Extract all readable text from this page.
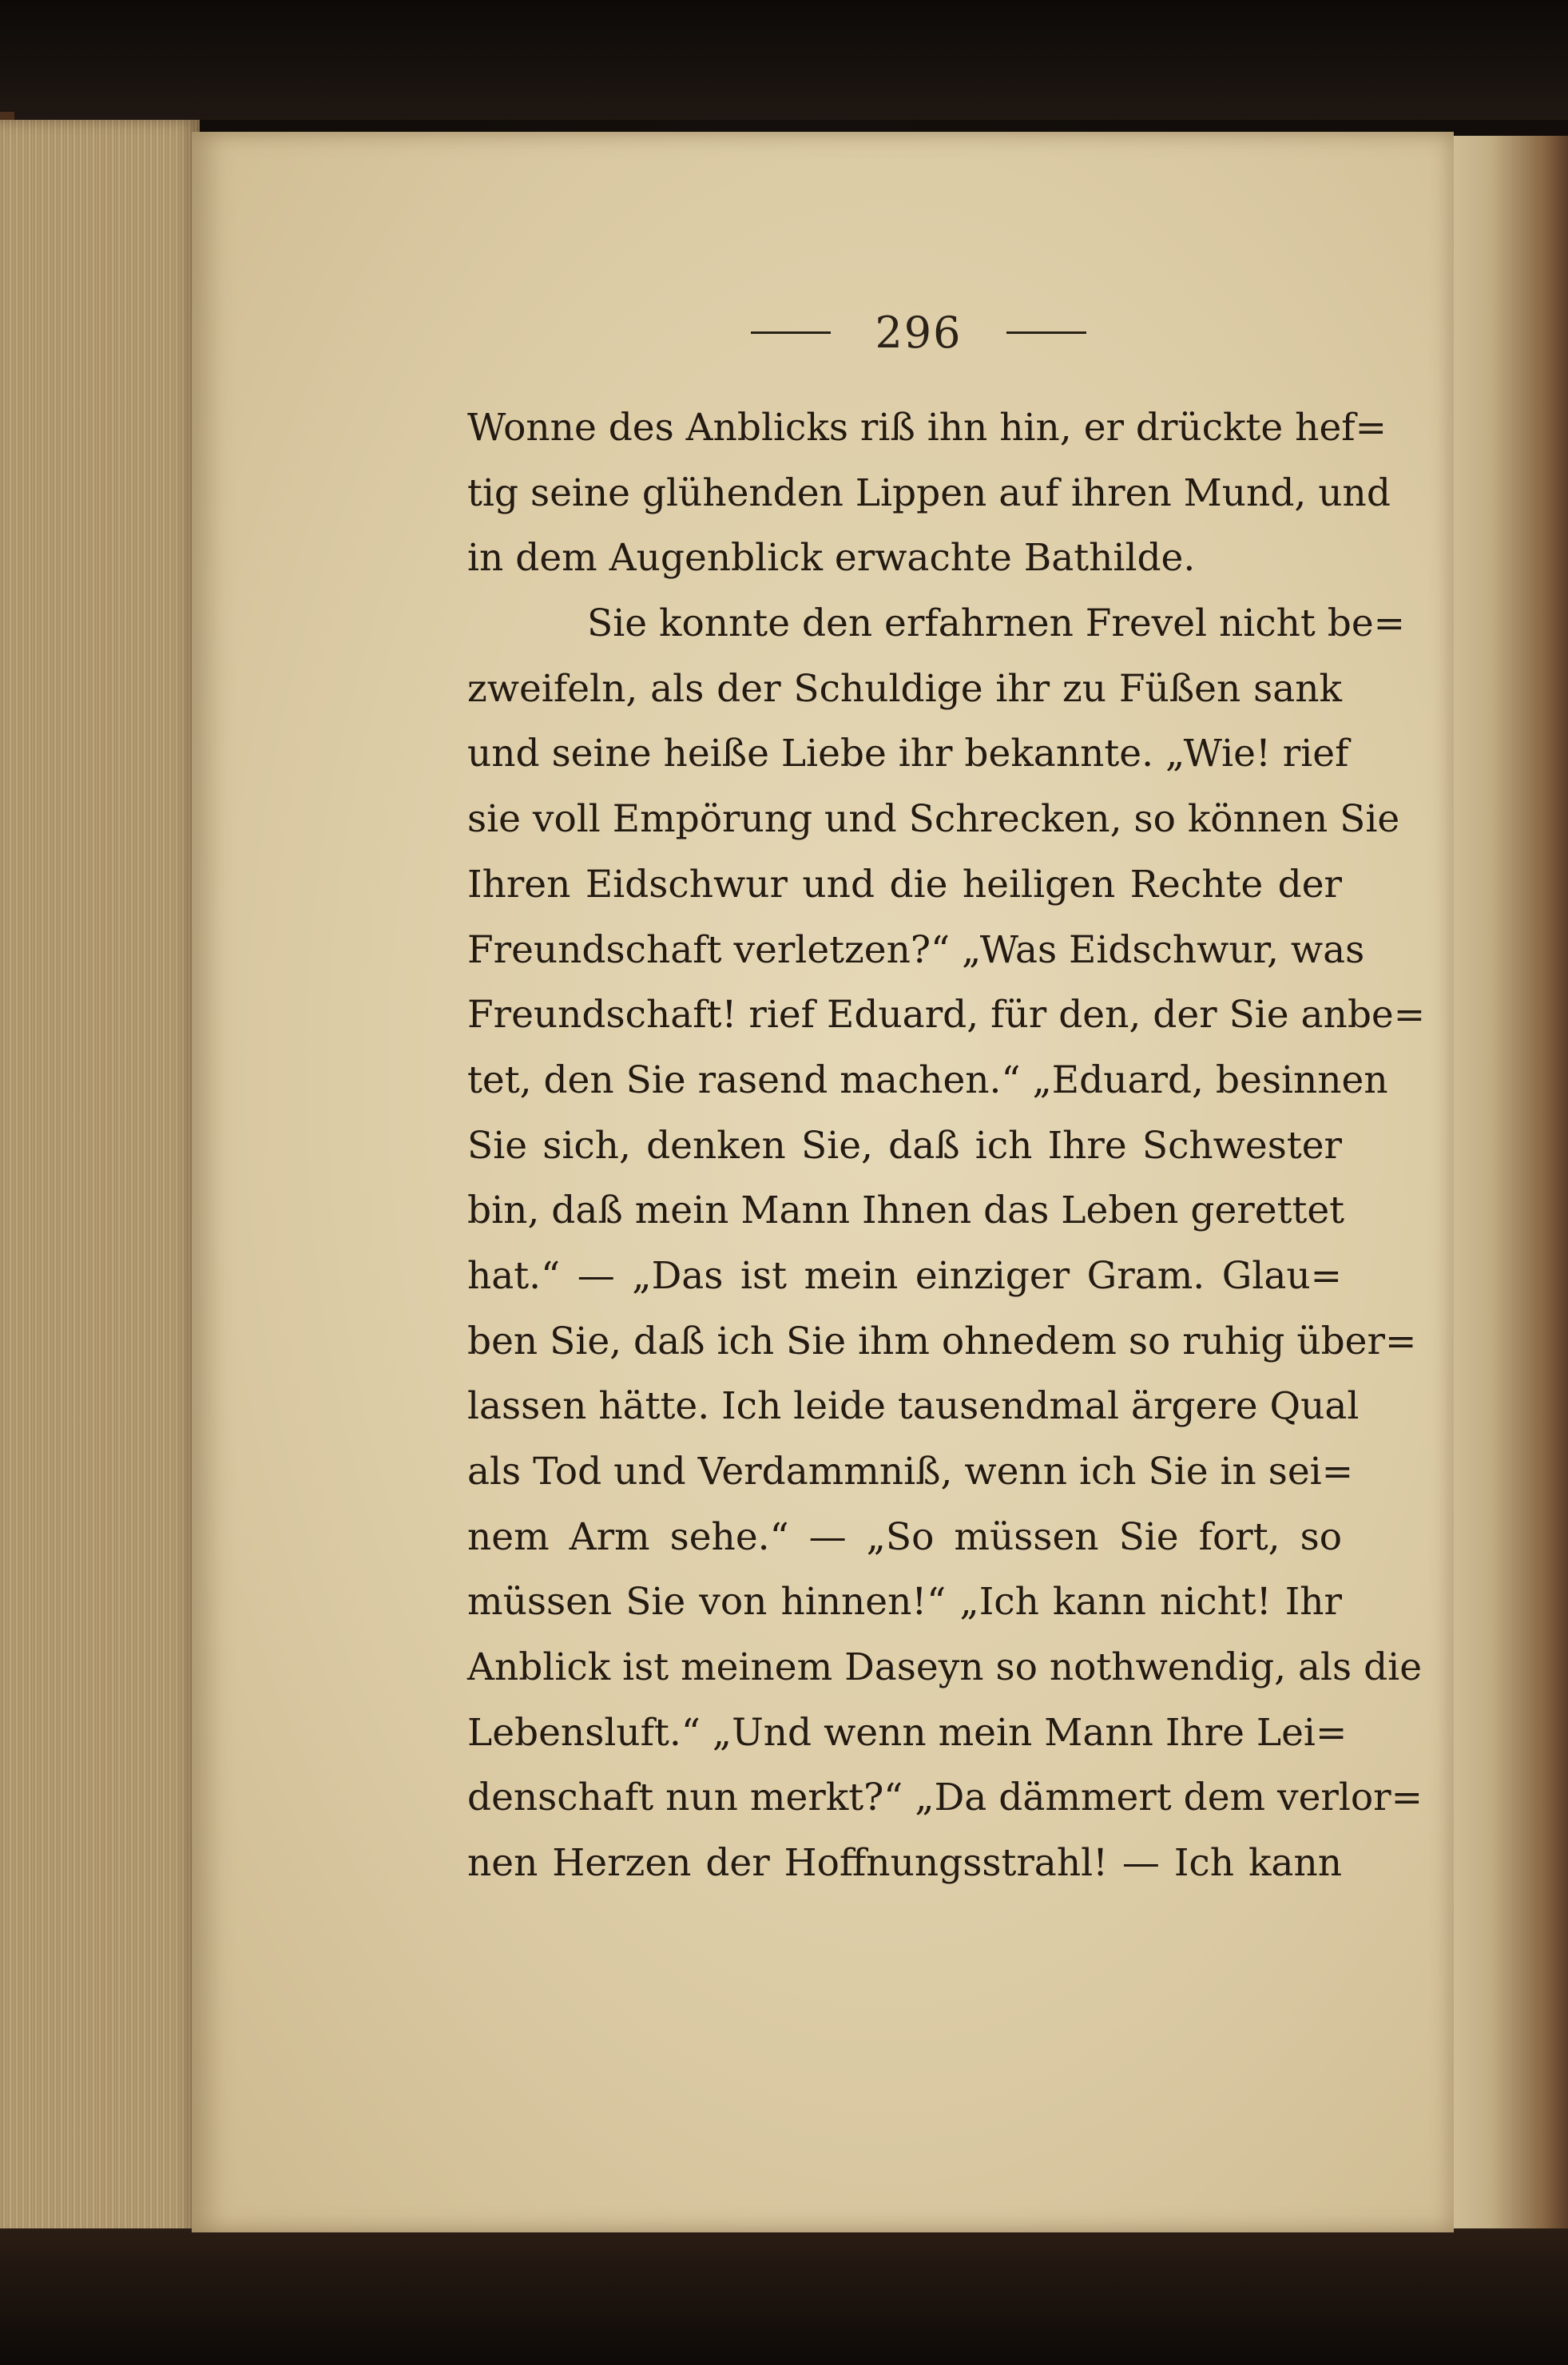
296
Wonne des Anblicks riß ihn hin, er drückte hef=
tig seine glühenden Lippen auf ihren Mund, und
in dem Augenblick erwachte Bathilde.
Sie konnte den erfahrnen Frevel nicht be=
zweifeln, als der Schuldige ihr zu Füßen sank
und seine heiße Liebe ihr bekannte. „Wie! rief
sie voll Empörung und Schrecken, so können Sie
Ihren Eidschwur und die heiligen Rechte der
Freundschaft verletzen?“ „Was Eidschwur, was
Freundschaft! rief Eduard, für den, der Sie anbe=
tet, den Sie rasend machen.“ „Eduard, besinnen
Sie sich, denken Sie, daß ich Ihre Schwester
bin, daß mein Mann Ihnen das Leben gerettet
hat.“ — „Das ist mein einziger Gram. Glau=
ben Sie, daß ich Sie ihm ohnedem so ruhig über=
lassen hätte. Ich leide tausendmal ärgere Qual
als Tod und Verdammniß, wenn ich Sie in sei=
nem Arm sehe.“ — „So müssen Sie fort, so
müssen Sie von hinnen!“ „Ich kann nicht! Ihr
Anblick ist meinem Daseyn so nothwendig, als die
Lebensluft.“ „Und wenn mein Mann Ihre Lei=
denschaft nun merkt?“ „Da dämmert dem verlor=
nen Herzen der Hoffnungsstrahl! — Ich kann
